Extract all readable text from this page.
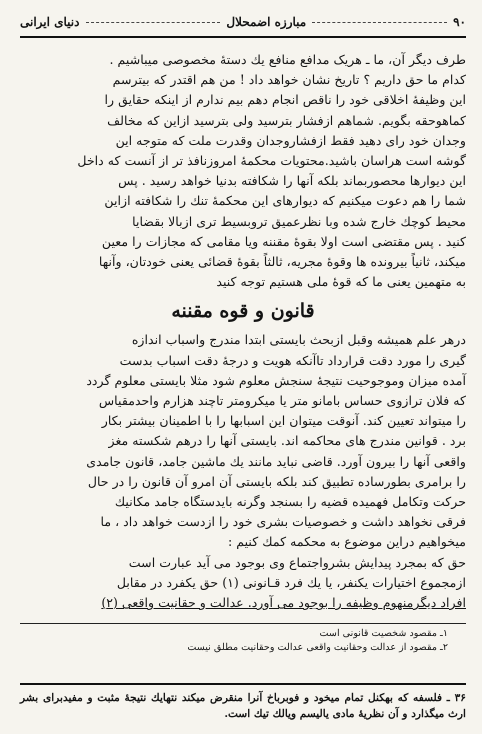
۹۰
مبارزه اضمحلال
دنیای ایرانی

طرف دیگر آن، ما ـ هریک مدافع منافع یك دستهٔ مخصوصی میباشیم .

کدام ما حق داریم ؟ تاریخ نشان خواهد داد ! من هم اقتدر که بیترسم

این وظیفهٔ اخلاقی خود را ناقص انجام دهم بیم ندارم از اینکه حقایق را

کماهوحقه بگویم. شماهم ازفشار بترسید ولی بترسید ازاین که مخالف

وجدان خود رای دهید فقط ازفشاروجدان وقدرت ملت که متوجه این

گوشه است هراسان باشید.محتویات محکمهٔ امروزنافذ تر از آنست که داخل

این دیوارها محصوربماند بلکه آنها را شکافته بدنیا خواهد رسید . پس

شما را هم دعوت میکنیم که دیوارهای این محکمهٔ تنك را شکافته ازاین

محیط کوچك خارج شده وبا نظرعمیق تروبسیط تری ازبالا بقضایا

کنید . پس مقتضی است اولا بقوهٔ مقننه ویا مقامی که مجازات را معین

میکند، ثانیاً بیرونده ها وقوهٔ مجریه، ثالثاً بقوهٔ قضائی یعنی خودتان، وآنها

به متهمین یعنی ما که قوهٔ ملی هستیم توجه کنید

قانون و قوه مقننه

درهر علم همیشه وقبل ازبحث بایستی ابتدا مندرج واسباب اندازه

گیری را مورد دقت قرارداد تاآنکه هویت و درجهٔ دقت اسباب بدست

آمده میزان وموجوحیت نتیجهٔ سنجش معلوم شود مثلا بایستی معلوم گردد

که فلان ترازوی حساس بامانو متر یا میکرومتر تاچند هزارم واحدمقیاس

را میتواند تعیین کند. آنوقت میتوان این اسبابها را با اطمینان بیشتر بکار

برد . قوانین مندرج های محاکمه اند. بایستی آنها را درهم شکسته مغز

واقعی آنها را بیرون آورد. قاضی نباید مانند یك ماشین جامد، قانون جامدی

را برامری بطورساده تطبیق کند بلکه بایستی آن امرو آن قانون را در حال

حرکت وتکامل فهمیده قضیه را بسنجد وگرنه بایدستگاه جامد مکانیك

فرقی نخواهد داشت و خصوصیات بشری خود را ازدست خواهد داد ، ما

میخواهیم دراین موضوع به محکمه کمك کنیم :

حق که بمجرد پیدایش بشرواجتماع وی بوجود می آید عبارت است

ازمجموع اختیارات یکنفر، یا یك فرد قـانونی (۱) حق یکفرد در مقابل

افراد دیگرمنهوم وظیفه را بوجود می آورد. عدالت و حقانیت واقعی (۲)

۱ـ مقصود شخصیت قانونی است
۲ـ مقصود از عدالت وحقانیت واقعی عدالت وحقانیت مطلق نیست
۳۶ ـ فلسفه که بهکنل تمام میخود و فوبرباخ آنرا منقرض میکند نتهایك نتیجهٔ مثبت و مفیدبرای بشر ارث میگذارد و آن نظریهٔ مادی یالیسم ویالك تیك است.
